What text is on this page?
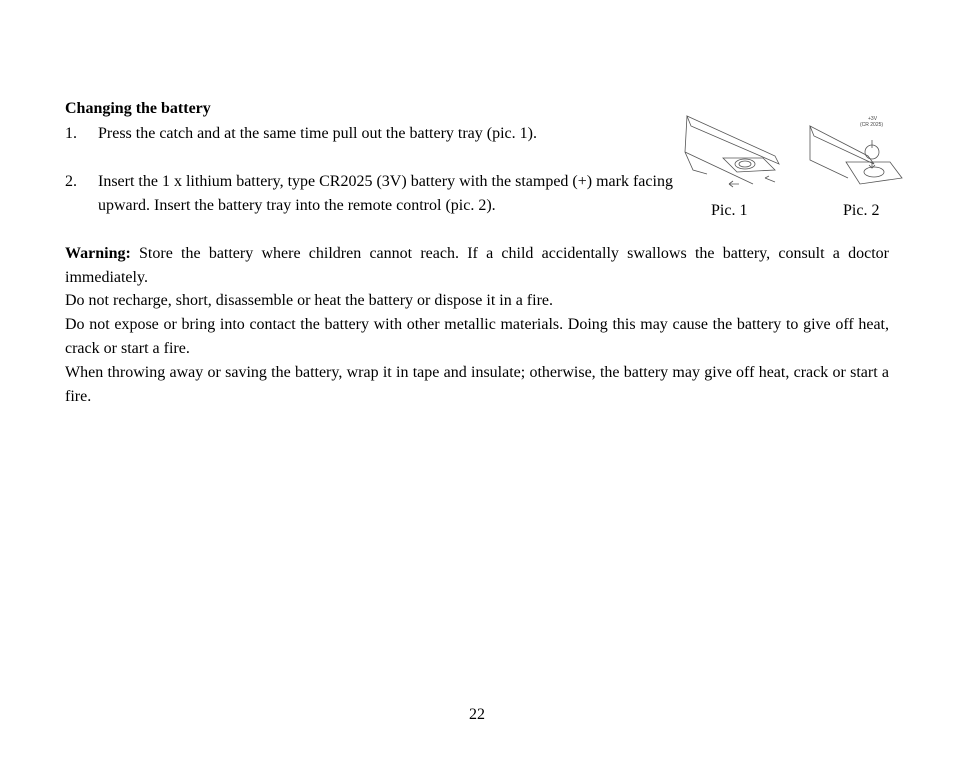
Changing the battery
1. Press the catch and at the same time pull out the battery tray (pic. 1).
2. Insert the 1 x lithium battery, type CR2025 (3V) battery with the stamped (+) mark facing upward. Insert the battery tray into the remote control (pic. 2).	Pic. 1
+3V
(CR 2025)
Pic. 2
Warning: Store the battery where children cannot reach. If a child accidentally swallows the battery, consult a doctor immediately.
Do not recharge, short, disassemble or heat the battery or dispose it in a fire.
Do not expose or bring into contact the battery with other metallic materials. Doing this may cause the battery to give off heat, crack or start a fire.
When throwing away or saving the battery, wrap it in tape and insulate; otherwise, the battery may give off heat, crack or start a fire.
22
